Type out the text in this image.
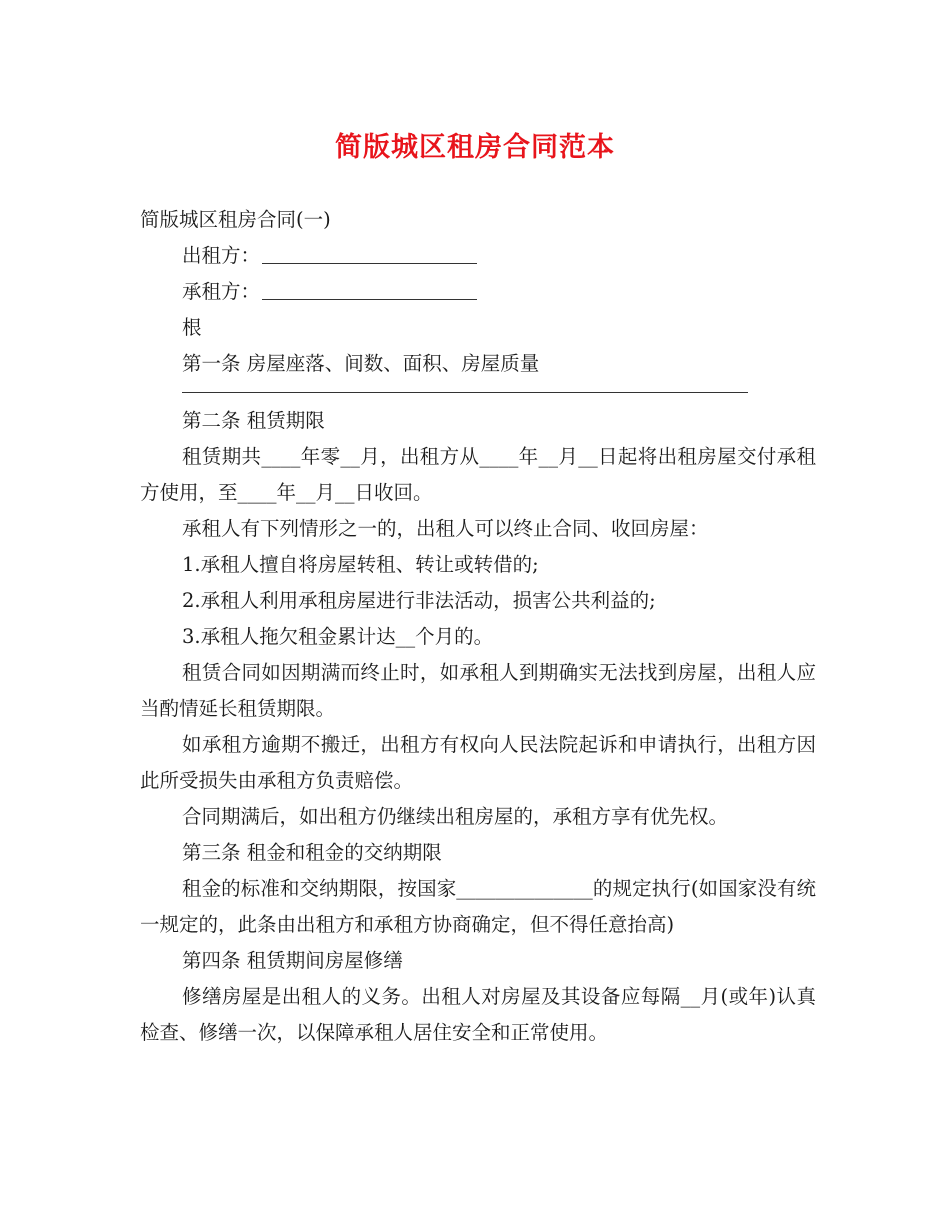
简版城区租房合同范本

简版城区租房合同(一)

出租方：

承租方：

根

第一条 房屋座落、间数、面积、房屋质量

第二条 租赁期限

租赁期共____年零__月，出租方从____年__月__日起将出租房屋交付承租方使用，至____年__月__日收回。

承租人有下列情形之一的，出租人可以终止合同、收回房屋：

1.承租人擅自将房屋转租、转让或转借的;

2.承租人利用承租房屋进行非法活动，损害公共利益的;

3.承租人拖欠租金累计达__个月的。

租赁合同如因期满而终止时，如承租人到期确实无法找到房屋，出租人应当酌情延长租赁期限。

如承租方逾期不搬迁，出租方有权向人民法院起诉和申请执行，出租方因此所受损失由承租方负责赔偿。

合同期满后，如出租方仍继续出租房屋的，承租方享有优先权。

第三条 租金和租金的交纳期限

租金的标准和交纳期限，按国家______________的规定执行(如国家没有统一规定的，此条由出租方和承租方协商确定，但不得任意抬高)

第四条 租赁期间房屋修缮

修缮房屋是出租人的义务。出租人对房屋及其设备应每隔__月(或年)认真检查、修缮一次，以保障承租人居住安全和正常使用。
